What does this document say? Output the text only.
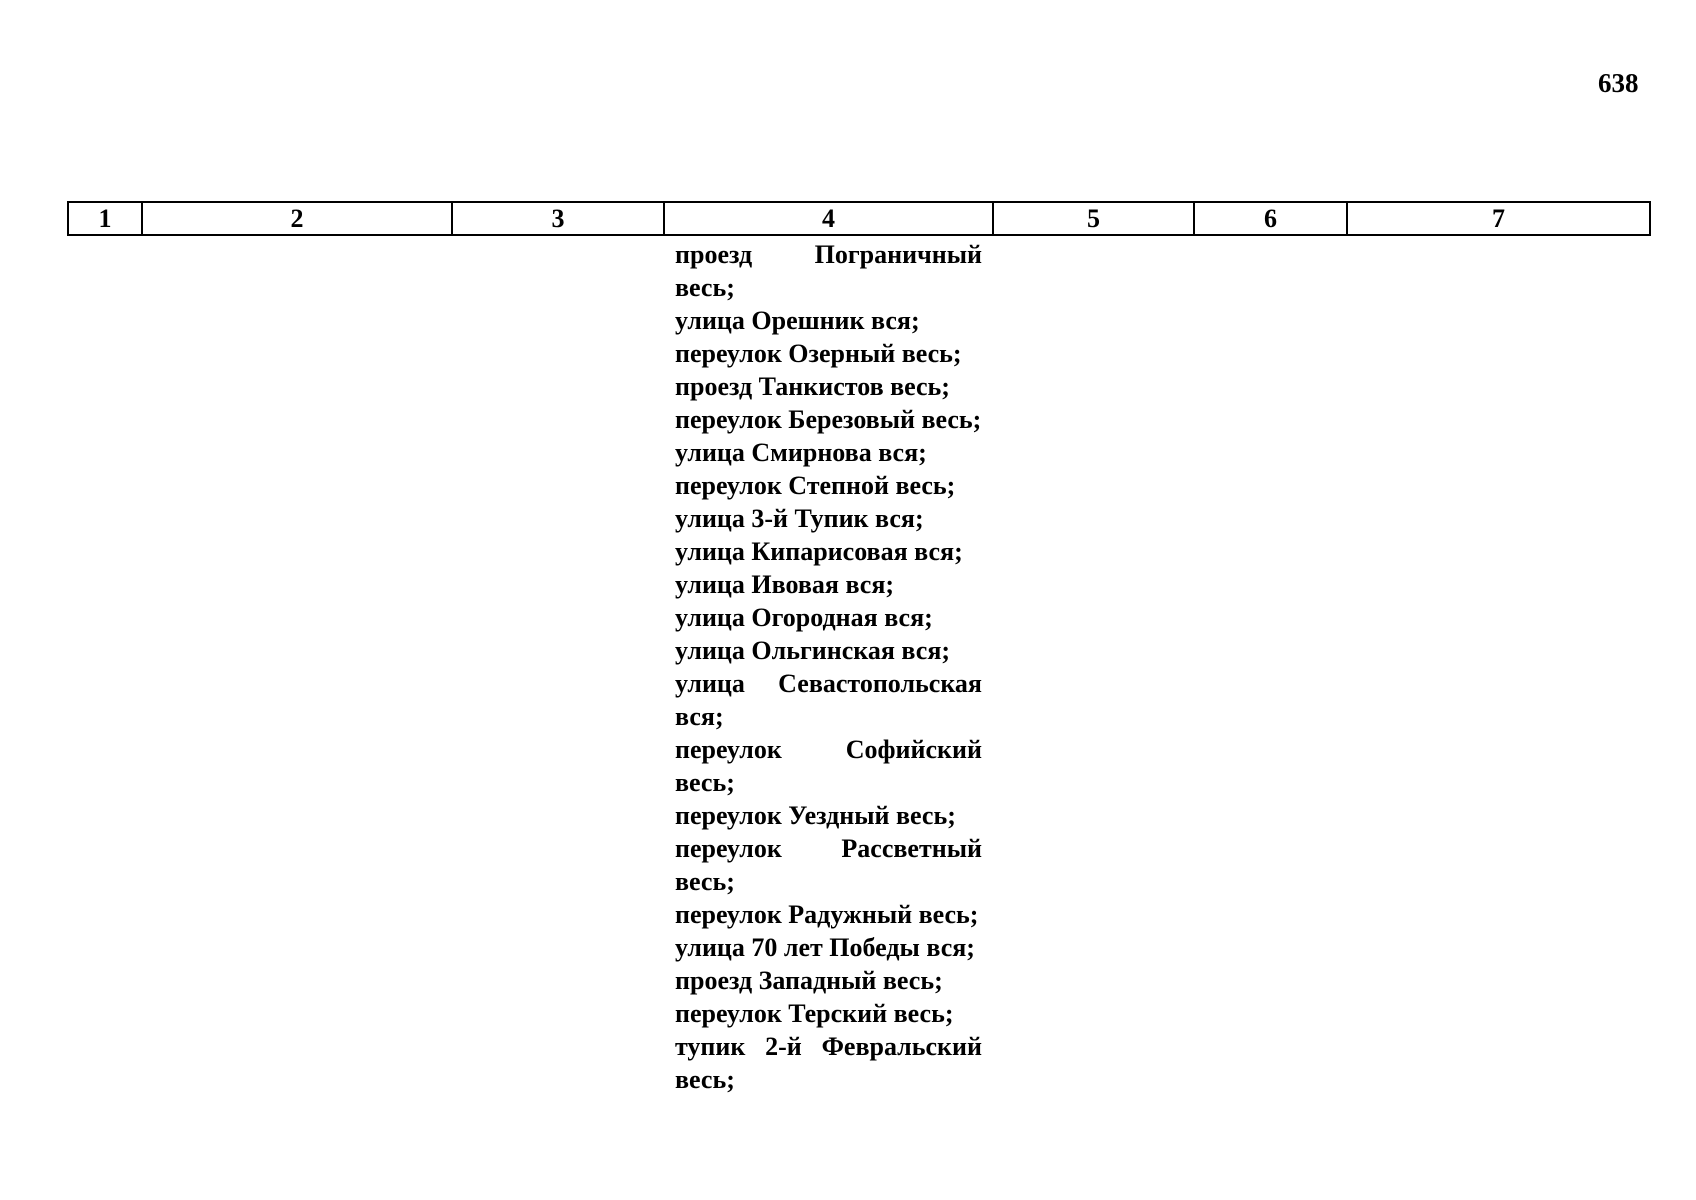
638
1	2	3	4	5	6	7
проезд Пограничный весь;
улица Орешник вся;
переулок Озерный весь;
проезд Танкистов весь;
переулок Березовый весь;
улица Смирнова вся;
переулок Степной весь;
улица 3-й Тупик вся;
улица Кипарисовая вся;
улица Ивовая вся;
улица Огородная вся;
улица Ольгинская вся;
улица Севастопольская вся;
переулок Софийский весь;
переулок Уездный весь;
переулок Рассветный весь;
переулок Радужный весь;
улица 70 лет Победы вся;
проезд Западный весь;
переулок Терский весь;
тупик 2-й Февральский весь;
